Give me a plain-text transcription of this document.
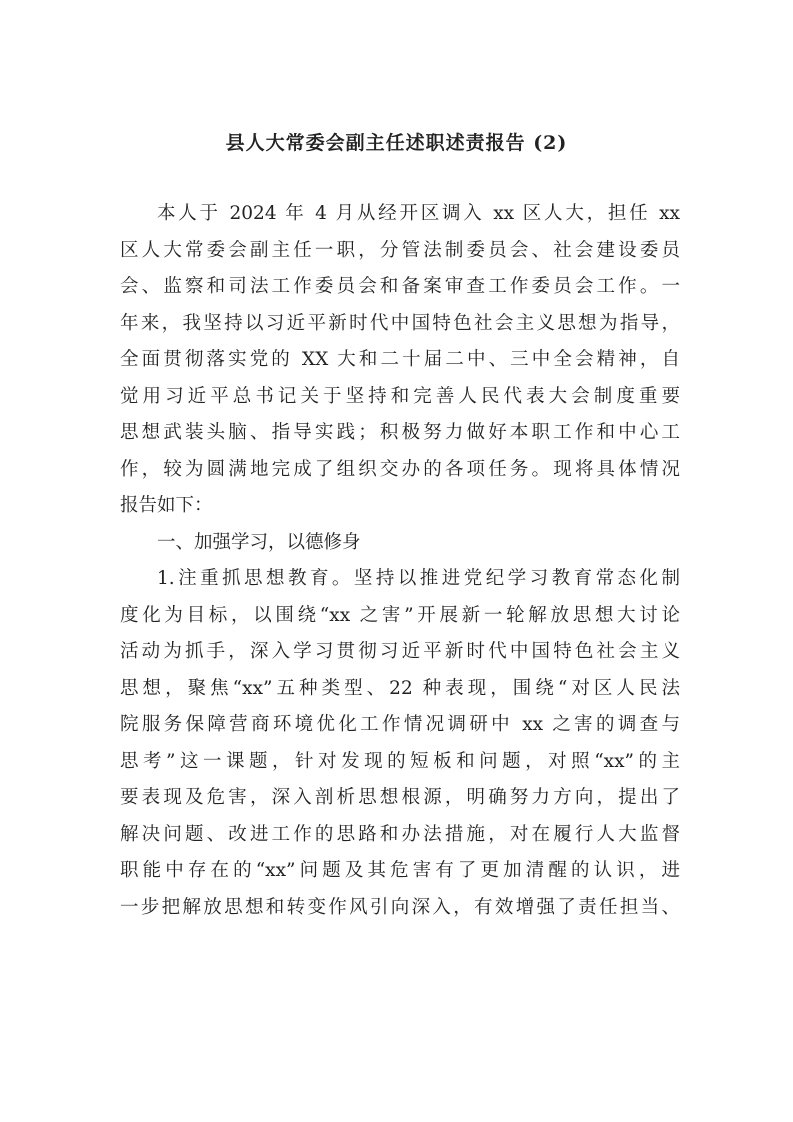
县人大常委会副主任述职述责报告 (2)
本人于 2024 年 4 月从经开区调入 xx 区人大，担任 xx
区人大常委会副主任一职，分管法制委员会、社会建设委员
会、监察和司法工作委员会和备案审查工作委员会工作。一
年来，我坚持以习近平新时代中国特色社会主义思想为指导，
全面贯彻落实党的 XX 大和二十届二中、三中全会精神，自
觉用习近平总书记关于坚持和完善人民代表大会制度重要
思想武装头脑、指导实践；积极努力做好本职工作和中心工
作，较为圆满地完成了组织交办的各项任务。现将具体情况
报告如下：
一、加强学习，以德修身
1.注重抓思想教育。坚持以推进党纪学习教育常态化制
度化为目标，以围绕“xx 之害”开展新一轮解放思想大讨论
活动为抓手，深入学习贯彻习近平新时代中国特色社会主义
思想，聚焦“xx”五种类型、22 种表现，围绕“对区人民法
院服务保障营商环境优化工作情况调研中 xx 之害的调查与
思考”这一课题，针对发现的短板和问题，对照“xx”的主
要表现及危害，深入剖析思想根源，明确努力方向，提出了
解决问题、改进工作的思路和办法措施，对在履行人大监督
职能中存在的“xx”问题及其危害有了更加清醒的认识，进
一步把解放思想和转变作风引向深入，有效增强了责任担当、
